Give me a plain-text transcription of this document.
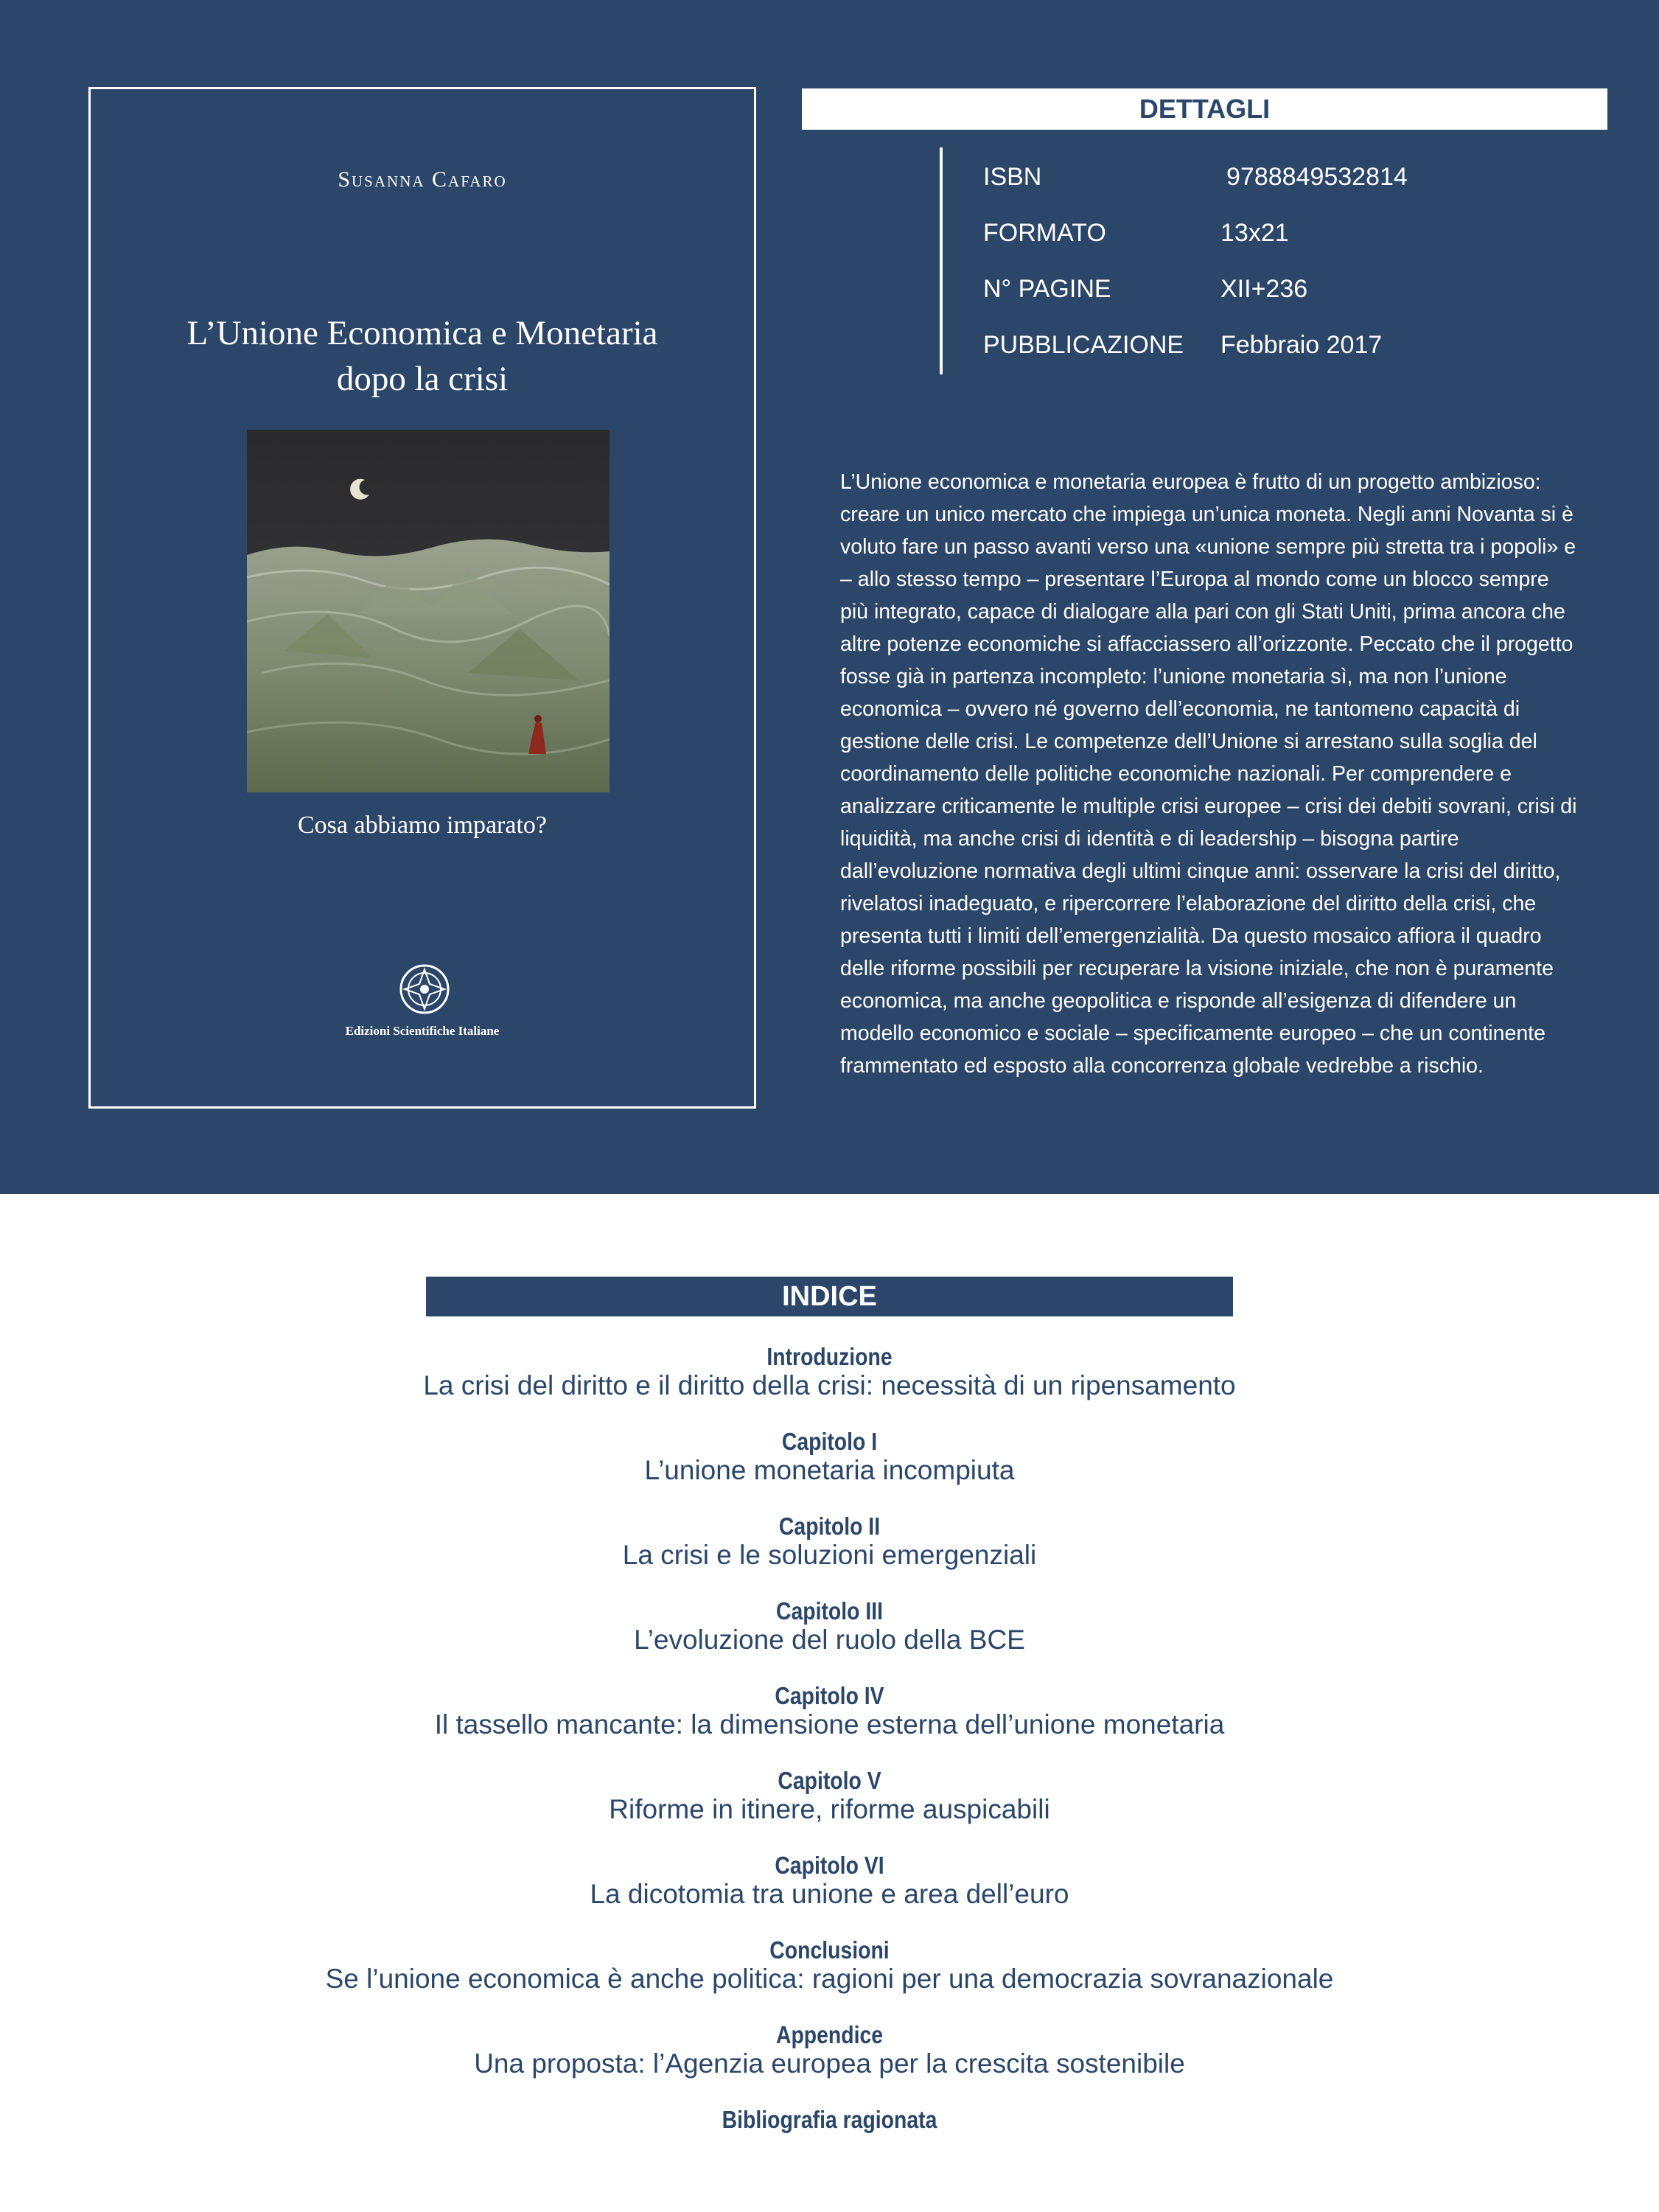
Susanna Cafaro
L’Unione Economica e Monetaria
dopo la crisi
Cosa abbiamo imparato?
Edizioni Scientifiche Italiane
DETTAGLI
ISBN	9788849532814
FORMATO	13x21
N° PAGINE	XII+236
PUBBLICAZIONE Febbraio 2017
L’Unione economica e monetaria europea è frutto di un progetto ambizioso: creare un unico mercato che impiega un’unica moneta. Negli anni Novanta si è voluto fare un passo avanti verso una «unione sempre più stretta tra i popoli» e – allo stesso tempo – presentare l’Europa al mondo come un blocco sempre più integrato, capace di dialogare alla pari con gli Stati Uniti, prima ancora che altre potenze economiche si affacciassero all’orizzonte. Peccato che il progetto fosse già in partenza incompleto: l’unione monetaria sì, ma non l’unione economica – ovvero né governo dell’economia, ne tantomeno capacità di gestione delle crisi. Le competenze dell’Unione si arrestano sulla soglia del coordinamento delle politiche economiche nazionali. Per comprendere e analizzare criticamente le multiple crisi europee – crisi dei debiti sovrani, crisi di liquidità, ma anche crisi di identità e di leadership – bisogna partire dall’evoluzione normativa degli ultimi cinque anni: osservare la crisi del diritto, rivelatosi inadeguato, e ripercorrere l’elaborazione del diritto della crisi, che presenta tutti i limiti dell’emergenzialità. Da questo mosaico affiora il quadro delle riforme possibili per recuperare la visione iniziale, che non è puramente economica, ma anche geopolitica e risponde all’esigenza di difendere un modello economico e sociale – specificamente europeo – che un continente frammentato ed esposto alla concorrenza globale vedrebbe a rischio.
INDICE
Introduzione
La crisi del diritto e il diritto della crisi: necessità di un ripensamento
Capitolo I
L’unione monetaria incompiuta
Capitolo II
La crisi e le soluzioni emergenziali
Capitolo III
L’evoluzione del ruolo della BCE
Capitolo IV
Il tassello mancante: la dimensione esterna dell’unione monetaria
Capitolo V
Riforme in itinere, riforme auspicabili
Capitolo VI
La dicotomia tra unione e area dell’euro
Conclusioni
Se l’unione economica è anche politica: ragioni per una democrazia sovranazionale
Appendice
Una proposta: l’Agenzia europea per la crescita sostenibile
Bibliografia ragionata
